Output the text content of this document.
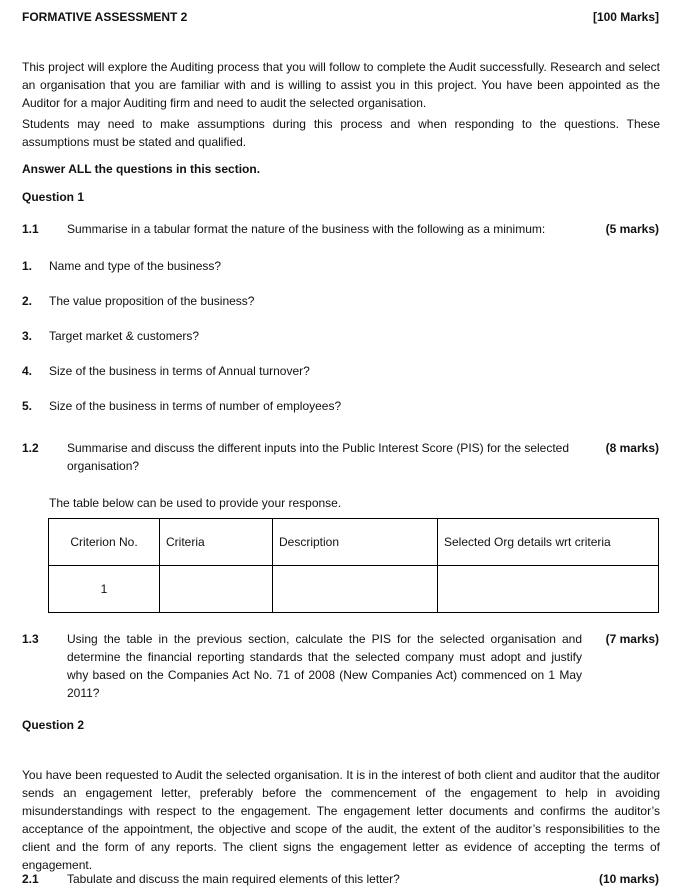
FORMATIVE ASSESSMENT 2	[100 Marks]
This project will explore the Auditing process that you will follow to complete the Audit successfully. Research and select an organisation that you are familiar with and is willing to assist you in this project. You have been appointed as the Auditor for a major Auditing firm and need to audit the selected organisation.
Students may need to make assumptions during this process and when responding to the questions. These assumptions must be stated and qualified.
Answer ALL the questions in this section.
Question 1
1.1 Summarise in a tabular format the nature of the business with the following as a minimum:	(5 marks)
1. Name and type of the business?
2. The value proposition of the business?
3. Target market & customers?
4. Size of the business in terms of Annual turnover?
5. Size of the business in terms of number of employees?
1.2 Summarise and discuss the different inputs into the Public Interest Score (PIS) for the selected organisation?
(8 marks)
The table below can be used to provide your response.
Criterion No.	Criteria	Description	Selected Org details wrt criteria
1			
1.3 Using the table in the previous section, calculate the PIS for the selected organisation and determine the financial reporting standards that the selected company must adopt and justify why based on the Companies Act No. 71 of 2008 (New Companies Act) commenced on 1 May 2011?
(7 marks)
Question 2
You have been requested to Audit the selected organisation. It is in the interest of both client and auditor that the auditor sends an engagement letter, preferably before the commencement of the engagement to help in avoiding misunderstandings with respect to the engagement. The engagement letter documents and confirms the auditor’s acceptance of the appointment, the objective and scope of the audit, the extent of the auditor’s responsibilities to the client and the form of any reports. The client signs the engagement letter as evidence of accepting the terms of engagement.
2.1 Tabulate and discuss the main required elements of this letter?	(10 marks)
